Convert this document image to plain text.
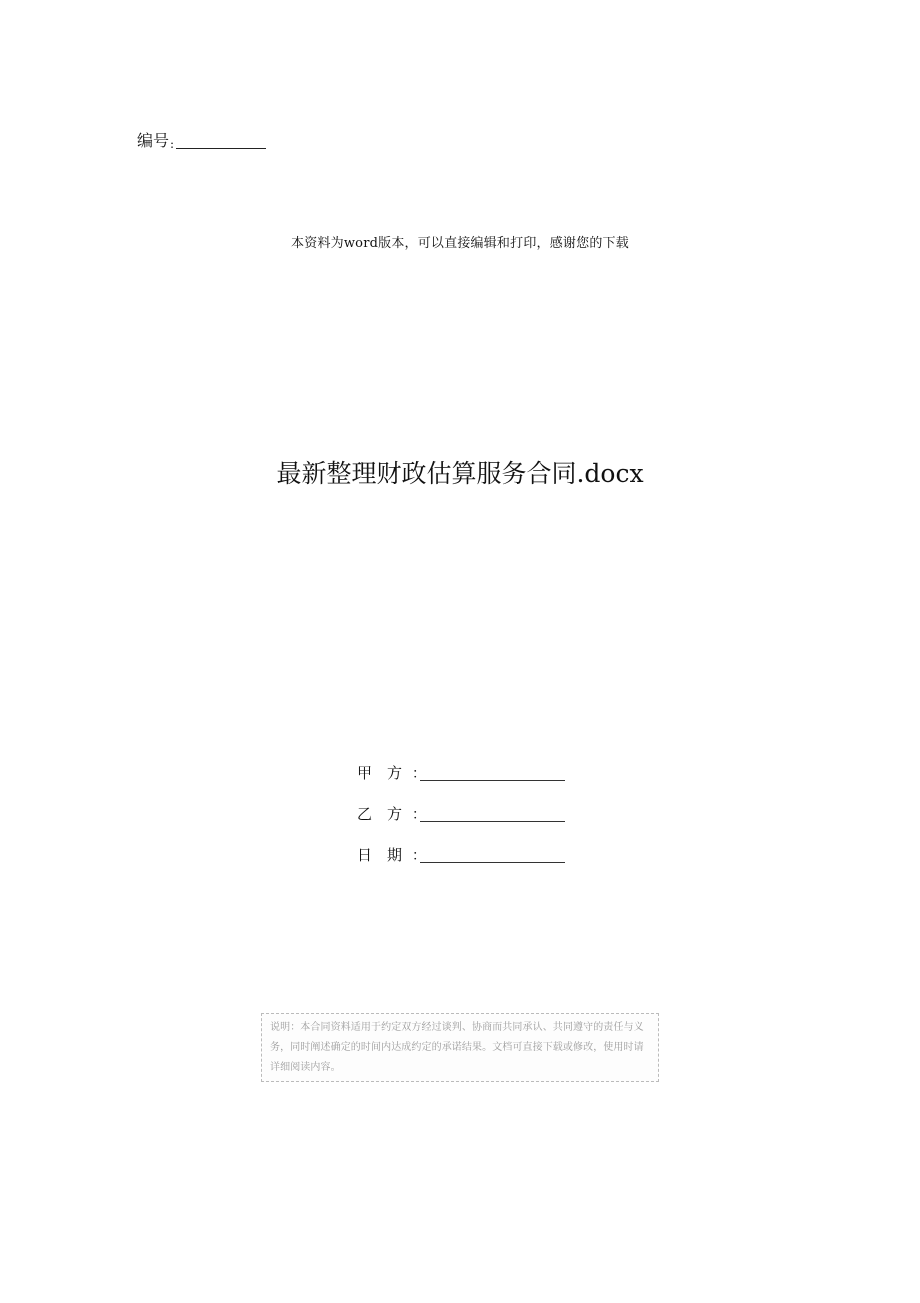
编号 :
本资料为word版本，可以直接编辑和打印，感谢您的下载
最新整理财政估算服务合同.docx
甲　方 ：
乙　方 ：
日　期 ：
说明：本合同资料适用于约定双方经过谈判、协商而共同承认、共同遵守的责任与义务，同时阐述确定的时间内达成约定的承诺结果。文档可直接下载或修改，使用时请详细阅读内容。
